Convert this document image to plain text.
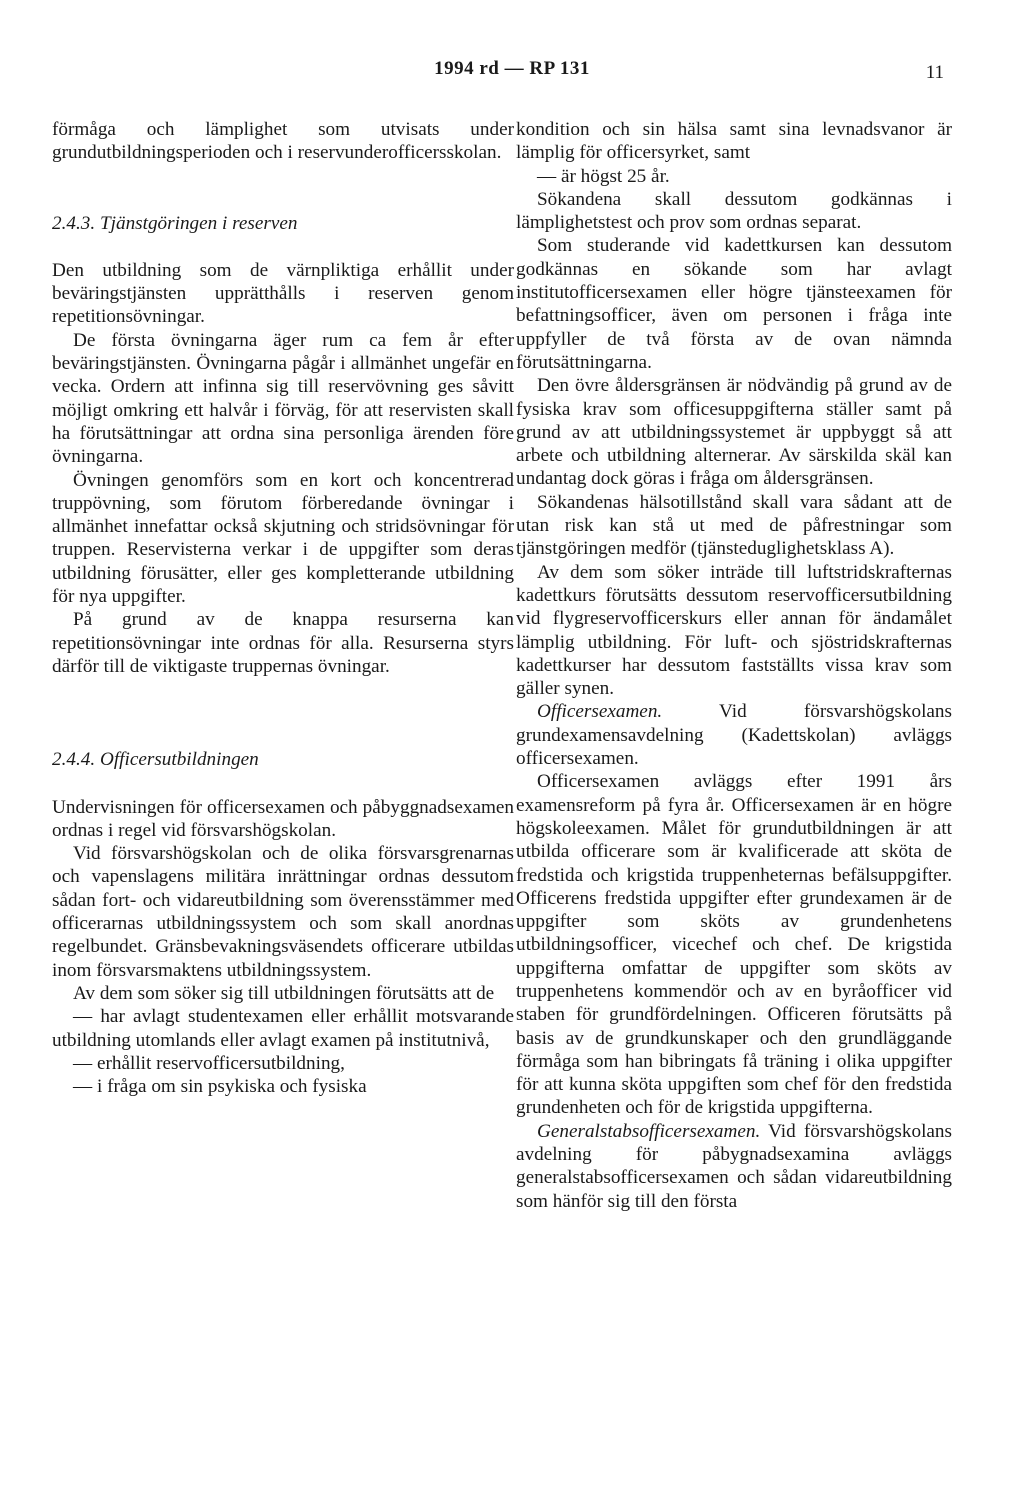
1994 rd — RP 131	11

förmåga och lämplighet som utvisats under grundutbildningsperioden och i reservunderofficersskolan.

2.4.3. Tjänstgöringen i reserven

Den utbildning som de värnpliktiga erhållit under beväringstjänsten upprätthålls i reserven genom repetitionsövningar.

De första övningarna äger rum ca fem år efter beväringstjänsten. Övningarna pågår i allmänhet ungefär en vecka. Ordern att infinna sig till reservövning ges såvitt möjligt omkring ett halvår i förväg, för att reservisten skall ha förutsättningar att ordna sina personliga ärenden före övningarna.

Övningen genomförs som en kort och koncentrerad truppövning, som förutom förberedande övningar i allmänhet innefattar också skjutning och stridsövningar för truppen. Reservisterna verkar i de uppgifter som deras utbildning förusätter, eller ges kompletterande utbildning för nya uppgifter.

På grund av de knappa resurserna kan repetitionsövningar inte ordnas för alla. Resurserna styrs därför till de viktigaste truppernas övningar.

2.4.4. Officersutbildningen

Undervisningen för officersexamen och påbyggnadsexamen ordnas i regel vid försvarshögskolan.

Vid försvarshögskolan och de olika försvarsgrenarnas och vapenslagens militära inrättningar ordnas dessutom sådan fort- och vidareutbildning som överensstämmer med officerarnas utbildningssystem och som skall anordnas regelbundet. Gränsbevakningsväsendets officerare utbildas inom försvarsmaktens utbildningssystem.

Av dem som söker sig till utbildningen förutsätts att de

— har avlagt studentexamen eller erhållit motsvarande utbildning utomlands eller avlagt examen på institutnivå,

— erhållit reservofficersutbildning,

— i fråga om sin psykiska och fysiska

kondition och sin hälsa samt sina levnadsvanor är lämplig för officersyrket, samt

— är högst 25 år.

Sökandena skall dessutom godkännas i lämplighetstest och prov som ordnas separat.

Som studerande vid kadettkursen kan dessutom godkännas en sökande som har avlagt institutofficersexamen eller högre tjänsteexamen för befattningsofficer, även om personen i fråga inte uppfyller de två första av de ovan nämnda förutsättningarna.

Den övre åldersgränsen är nödvändig på grund av de fysiska krav som officesuppgifterna ställer samt på grund av att utbildningssystemet är uppbyggt så att arbete och utbildning alternerar. Av särskilda skäl kan undantag dock göras i fråga om åldersgränsen.

Sökandenas hälsotillstånd skall vara sådant att de utan risk kan stå ut med de påfrestningar som tjänstgöringen medför (tjänsteduglighetsklass A).

Av dem som söker inträde till luftstridskrafternas kadettkurs förutsätts dessutom reservofficersutbildning vid flygreservofficerskurs eller annan för ändamålet lämplig utbildning. För luft- och sjöstridskrafternas kadettkurser har dessutom fastställts vissa krav som gäller synen.

Officersexamen. Vid försvarshögskolans grundexamensavdelning (Kadettskolan) avläggs officersexamen.

Officersexamen avläggs efter 1991 års examensreform på fyra år. Officersexamen är en högre högskoleexamen. Målet för grundutbildningen är att utbilda officerare som är kvalificerade att sköta de fredstida och krigstida truppenheternas befälsuppgifter. Officerens fredstida uppgifter efter grundexamen är de uppgifter som sköts av grundenhetens utbildningsofficer, vicechef och chef. De krigstida uppgifterna omfattar de uppgifter som sköts av truppenhetens kommendör och av en byråofficer vid staben för grundfördelningen. Officeren förutsätts på basis av de grundkunskaper och den grundläggande förmåga som han bibringats få träning i olika uppgifter för att kunna sköta uppgiften som chef för den fredstida grundenheten och för de krigstida uppgifterna.

Generalstabsofficersexamen. Vid försvarshögskolans avdelning för påbygnadsexamina avläggs generalstabsofficersexamen och sådan vidareutbildning som hänför sig till den första
